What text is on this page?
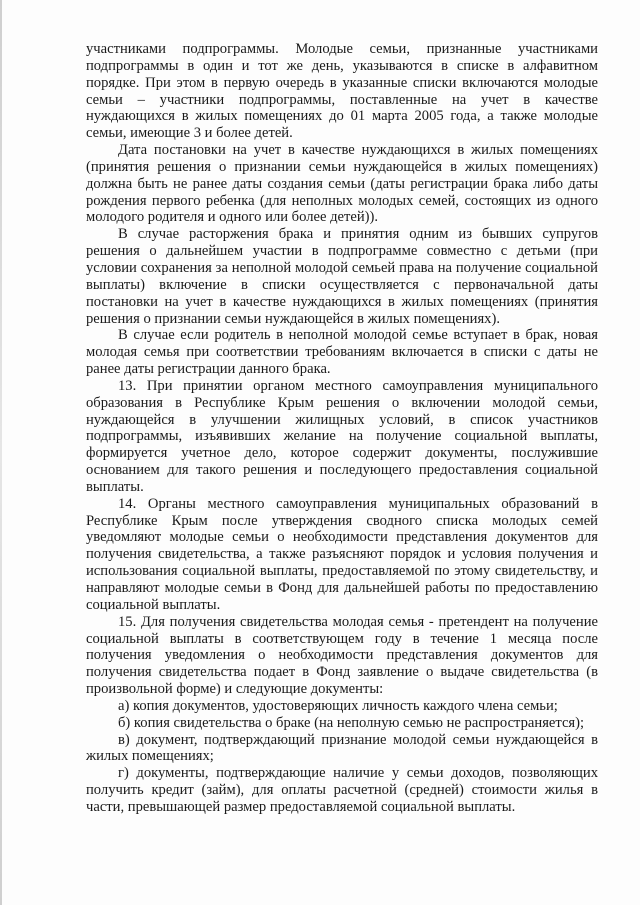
участниками подпрограммы. Молодые семьи, признанные участниками подпрограммы в один и тот же день, указываются в списке в алфавитном порядке. При этом в первую очередь в указанные списки включаются молодые семьи – участники подпрограммы, поставленные на учет в качестве нуждающихся в жилых помещениях до 01 марта 2005 года, а также молодые семьи, имеющие 3 и более детей.

Дата постановки на учет в качестве нуждающихся в жилых помещениях (принятия решения о признании семьи нуждающейся в жилых помещениях) должна быть не ранее даты создания семьи (даты регистрации брака либо даты рождения первого ребенка (для неполных молодых семей, состоящих из одного молодого родителя и одного или более детей)).

В случае расторжения брака и принятия одним из бывших супругов решения о дальнейшем участии в подпрограмме совместно с детьми (при условии сохранения за неполной молодой семьей права на получение социальной выплаты) включение в списки осуществляется с первоначальной даты постановки на учет в качестве нуждающихся в жилых помещениях (принятия решения о признании семьи нуждающейся в жилых помещениях).

В случае если родитель в неполной молодой семье вступает в брак, новая молодая семья при соответствии требованиям включается в списки с даты не ранее даты регистрации данного брака.

13. При принятии органом местного самоуправления муниципального образования в Республике Крым решения о включении молодой семьи, нуждающейся в улучшении жилищных условий, в список участников подпрограммы, изъявивших желание на получение социальной выплаты, формируется учетное дело, которое содержит документы, послужившие основанием для такого решения и последующего предоставления социальной выплаты.

14. Органы местного самоуправления муниципальных образований в Республике Крым после утверждения сводного списка молодых семей уведомляют молодые семьи о необходимости представления документов для получения свидетельства, а также разъясняют порядок и условия получения и использования социальной выплаты, предоставляемой по этому свидетельству, и направляют молодые семьи в Фонд для дальнейшей работы по предоставлению социальной выплаты.

15. Для получения свидетельства молодая семья - претендент на получение социальной выплаты в соответствующем году в течение 1 месяца после получения уведомления о необходимости представления документов для получения свидетельства подает в Фонд заявление о выдаче свидетельства (в произвольной форме) и следующие документы:

а) копия документов, удостоверяющих личность каждого члена семьи;

б) копия свидетельства о браке (на неполную семью не распространяется);

в) документ, подтверждающий признание молодой семьи нуждающейся в жилых помещениях;

г) документы, подтверждающие наличие у семьи доходов, позволяющих получить кредит (займ), для оплаты расчетной (средней) стоимости жилья в части, превышающей размер предоставляемой социальной выплаты.
